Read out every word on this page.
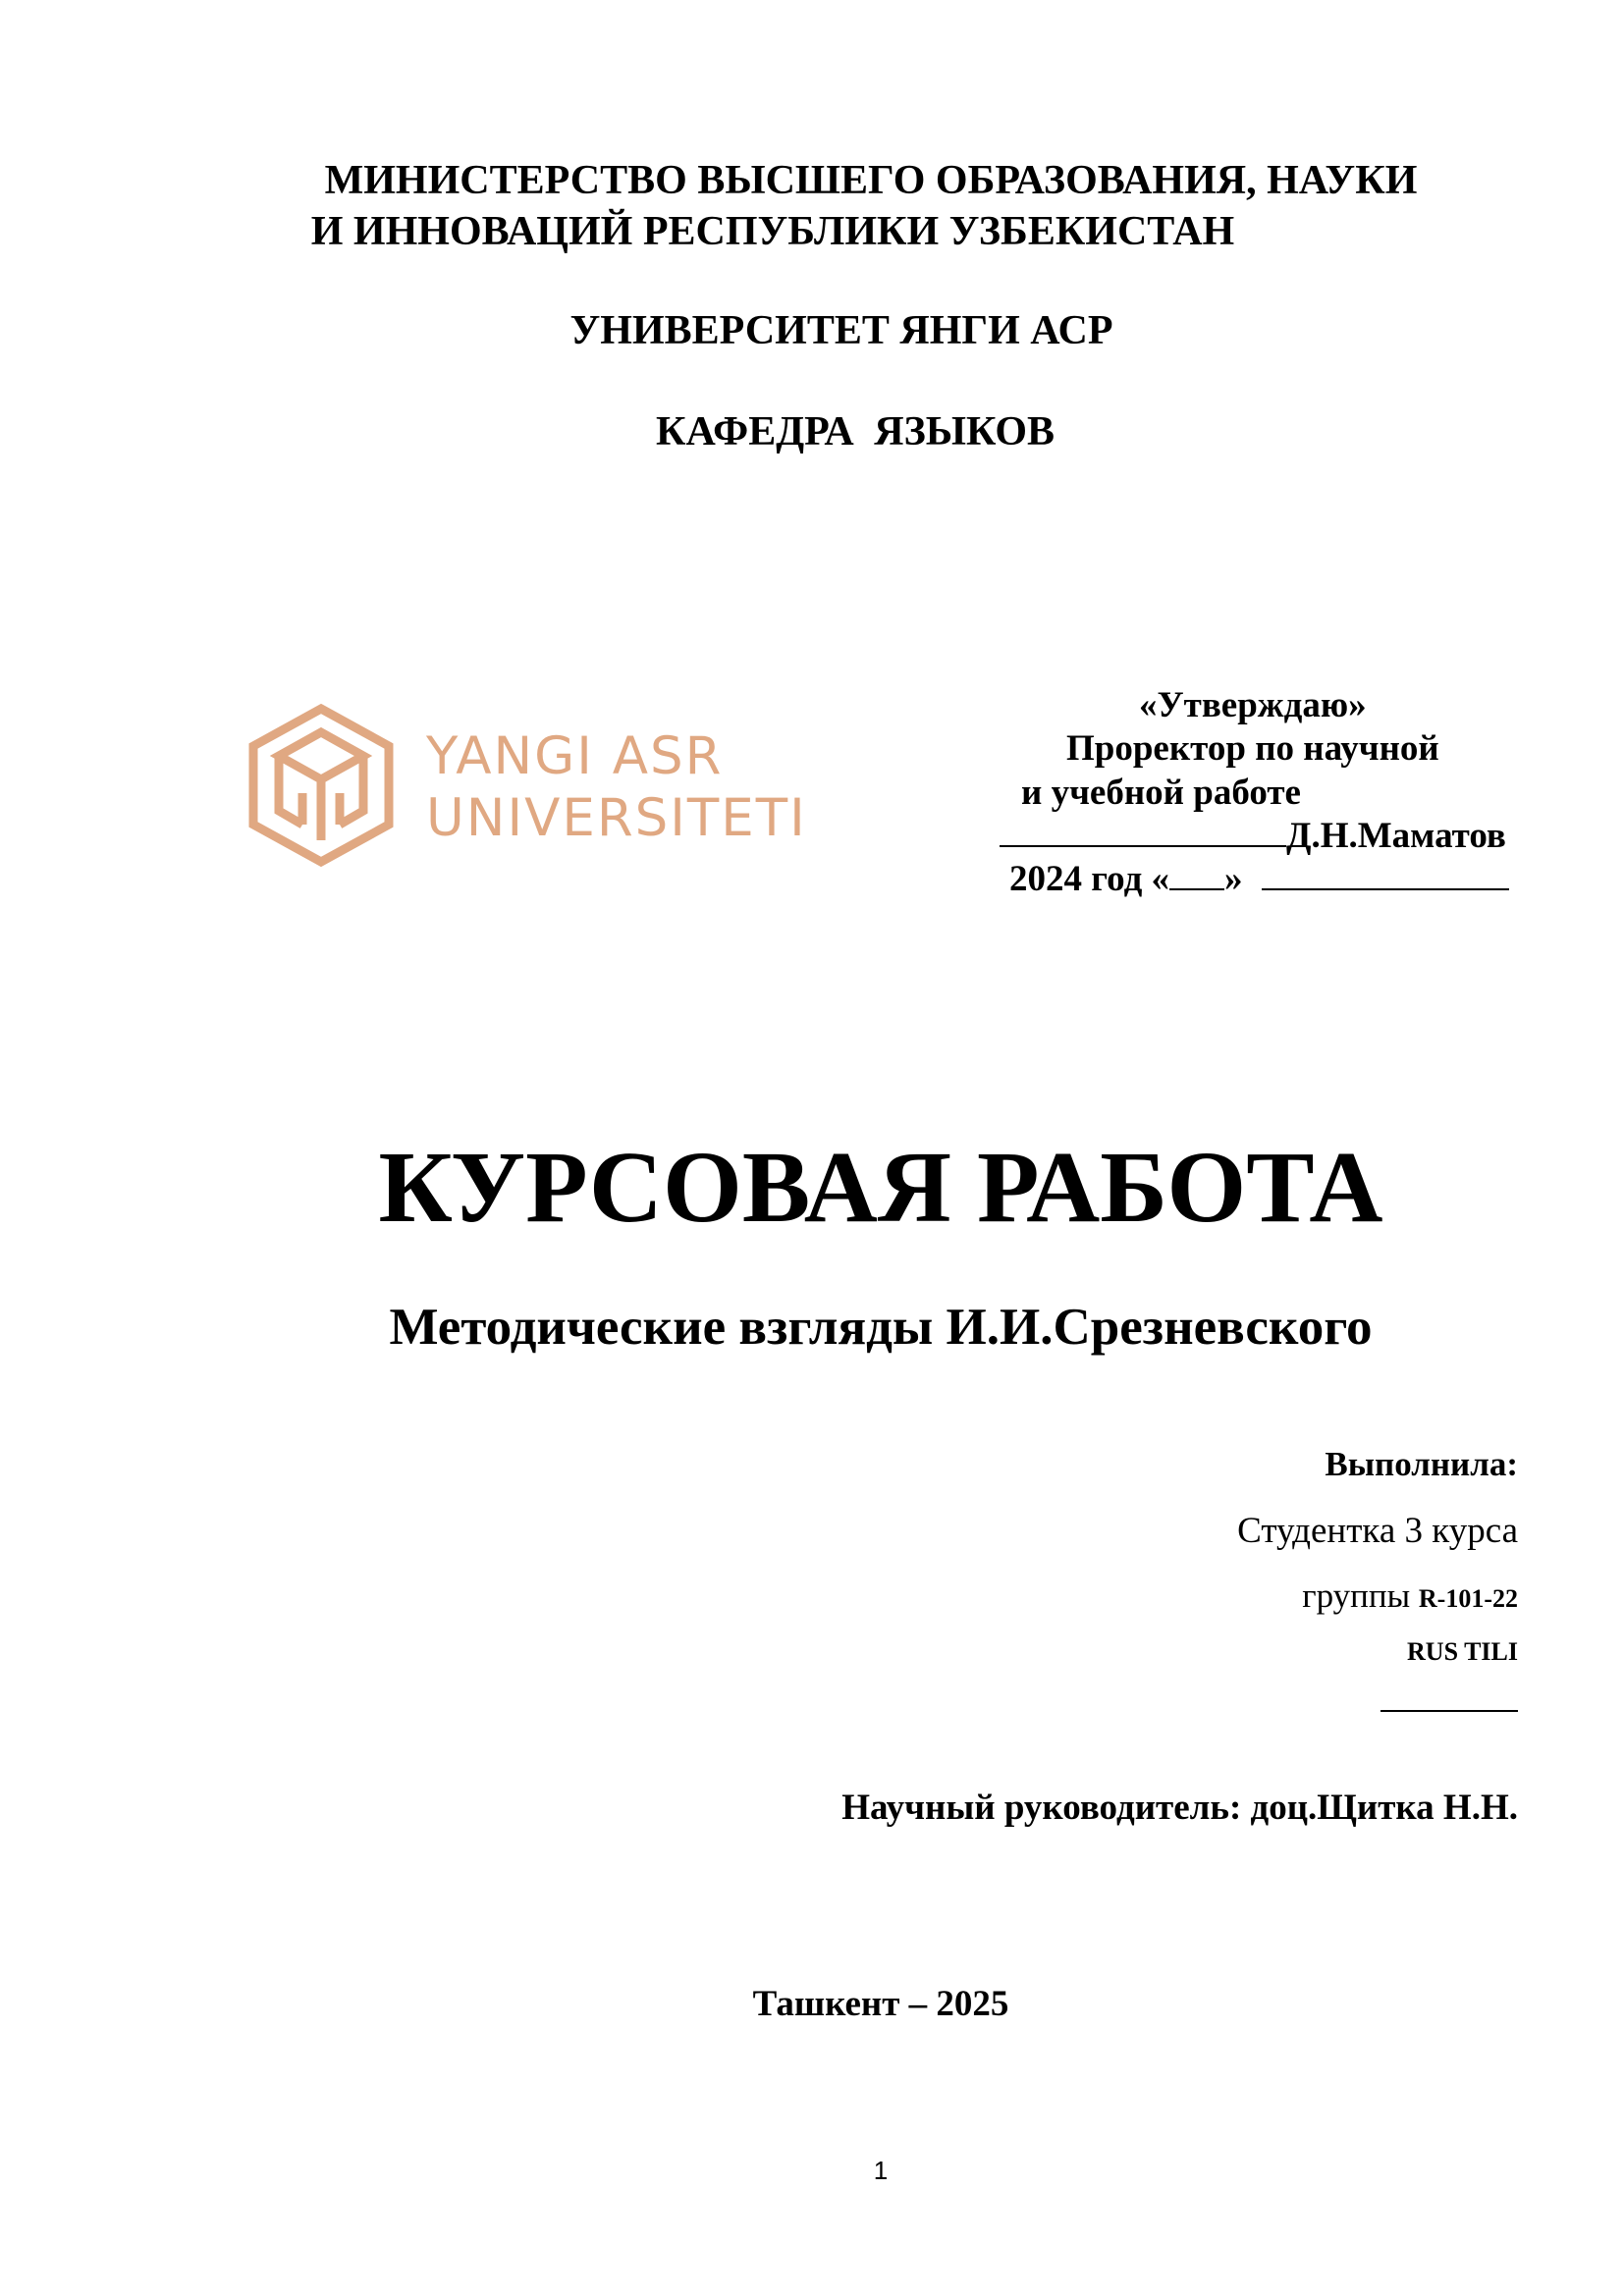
МИНИСТЕРСТВО ВЫСШЕГО ОБРАЗОВАНИЯ, НАУКИ
И ИННОВАЦИЙ РЕСПУБЛИКИ УЗБЕКИСТАН
УНИВЕРСИТЕТ ЯНГИ АСР
КАФЕДРА ЯЗЫКОВ
YANGI ASR
UNIVERSITETI
«Утверждаю»
Проректор по научной
и учебной работе
Д.Н.Маматов
2024 год « »
КУРСОВАЯ РАБОТА
Методические взгляды И.И.Срезневского
Выполнила:
Студентка 3 курса
группы R-101-22
RUS TILI
Научный руководитель: доц.Щитка Н.Н.
Ташкент – 2025
1
